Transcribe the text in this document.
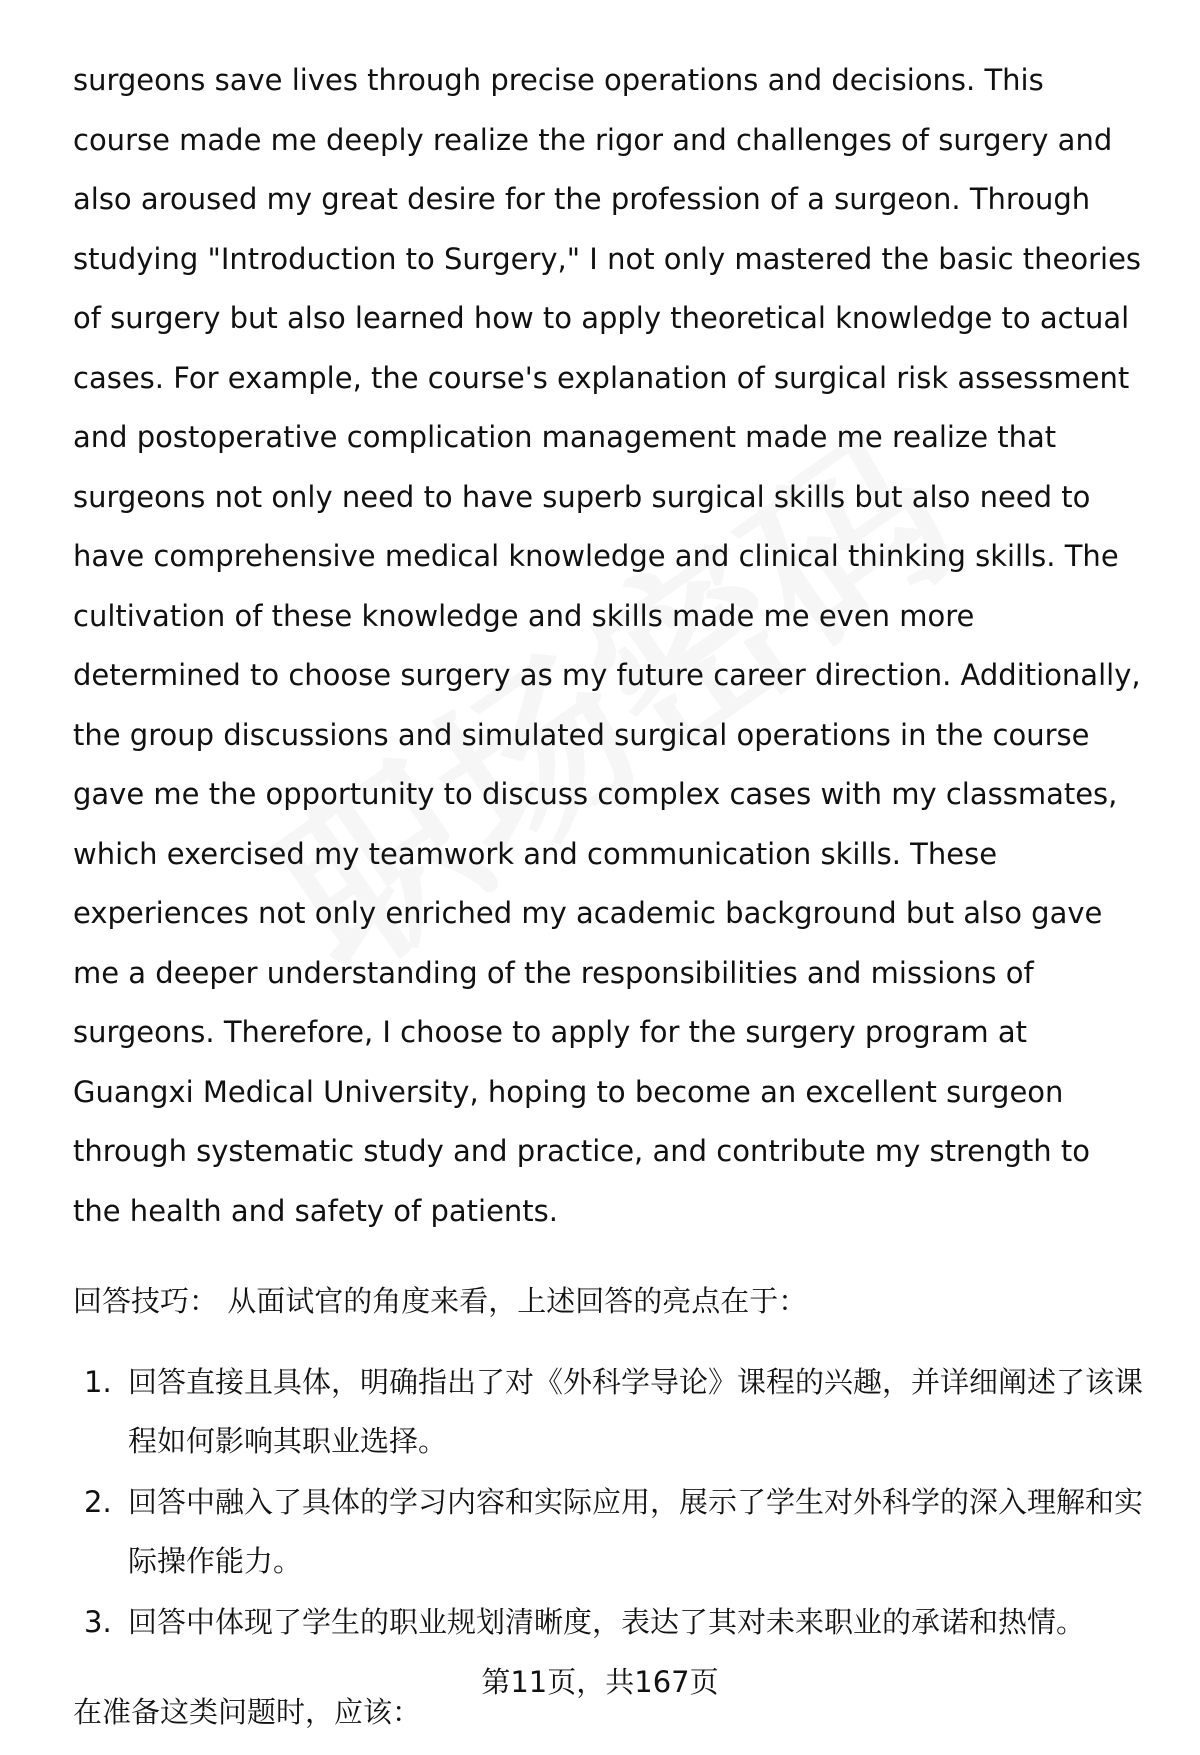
surgeons save lives through precise operations and decisions. This course made me deeply realize the rigor and challenges of surgery and also aroused my great desire for the profession of a surgeon. Through studying "Introduction to Surgery," I not only mastered the basic theories of surgery but also learned how to apply theoretical knowledge to actual cases. For example, the course's explanation of surgical risk assessment and postoperative complication management made me realize that surgeons not only need to have superb surgical skills but also need to have comprehensive medical knowledge and clinical thinking skills. The cultivation of these knowledge and skills made me even more determined to choose surgery as my future career direction. Additionally, the group discussions and simulated surgical operations in the course gave me the opportunity to discuss complex cases with my classmates, which exercised my teamwork and communication skills. These experiences not only enriched my academic background but also gave me a deeper understanding of the responsibilities and missions of surgeons. Therefore, I choose to apply for the surgery program at Guangxi Medical University, hoping to become an excellent surgeon through systematic study and practice, and contribute my strength to the health and safety of patients.

回答技巧： 从面试官的角度来看，上述回答的亮点在于：

1. 回答直接且具体，明确指出了对《外科学导论》课程的兴趣，并详细阐述了该课程如何影响其职业选择。
2. 回答中融入了具体的学习内容和实际应用，展示了学生对外科学的深入理解和实际操作能力。
3. 回答中体现了学生的职业规划清晰度，表达了其对未来职业的承诺和热情。

在准备这类问题时，应该：

第11页，共167页
